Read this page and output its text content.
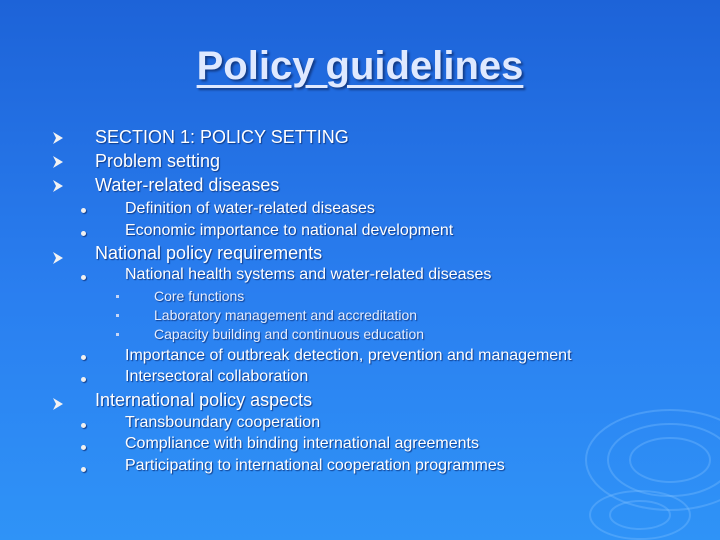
Policy guidelines
SECTION 1: POLICY SETTING
Problem setting
Water-related diseases
Definition of water-related diseases
Economic importance to national development
National policy requirements
National health systems and water-related diseases
Core functions
Laboratory management and accreditation
Capacity building and continuous education
Importance of outbreak detection, prevention and management
Intersectoral collaboration
International policy aspects
Transboundary cooperation
Compliance with binding international agreements
Participating to international cooperation programmes
